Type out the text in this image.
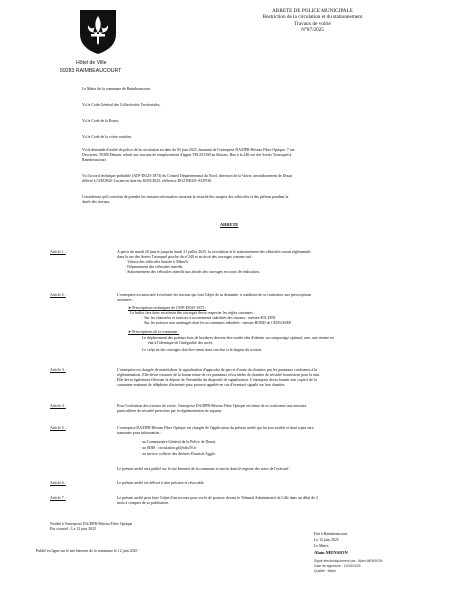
Hôtel de Ville
59283 RAIMBEAUCOURT
ARRETE DE POLICE MUNICIPALE
Restriction de la circulation et du stationnement
Travaux de voirie
N°87/2025
Le Maire de la commune de Raimbeaucourt
Vu le Code Général des Collectivités Territoriales,
Vu le Code de la Route,
Vu le Code de la voirie routière,
Vu la demande d'arrêté de police de la circulation en date du 03 juin 2025, émanant de l'entreprise DA/DPR-Réseau Fibre Optique, 7 rue
Descartes, 59300 Denain, relatif aux travaux de remplacement d'appui TELECOM au 6lutons, Rue à la 240 rue des Sorets Trousquel à
Raimbeaucourt.
Vu l'accord technique préalable (ATP-DO25-1873) du Conseil Départemental du Nord, direction de la Voirie, arrondissement de Douai
délivré à CHANGE Lucien en date du 30/05/2025, référence DO2T0025I-ACF910.
Considérant qu'il convient de prendre les mesures nécessaires assurant la sécurité des usagers des véhicules et des piétons pendant la
durée des travaux,
ARRETE
Article 1 :	A partir du mardi 20 juin et jusqu'au lundi 21 juillet 2025, la circulation et le stationnement des véhicules seront réglementés
dans la rue des Sorets Trousquel proche du n°240 et au droit des ouvrages comme suit :
· Vitesse des véhicules limitée à 30km/h,
· Dépassement des véhicules interdit,
· Stationnement des véhicules interdit aux abords des ouvrages en cours de réalisation.
Article 2 :	L'entreprise est autorisée à exécuter les travaux qui font l'objet de sa demande, à condition de se conformer aux prescriptions
suivantes :
➤ Prescriptions techniques de l'ATP-DO25-1873 :
Le brûlot fera donc en niveau des ouvrages devra respecter les règles suivantes :
· Sur les chaussées et trottoirs à accotements stabilisés des travaux : mesure KIL FINI
· Sur les trottoirs non aménagés dont les accotements enherbés : mesure BORD de CHAUSSEE
➤ Prescriptions de la commune :
Le déplacement des poteaux bois de bordures devront être traités afin d'obtenir un compactage optimal, avec une remise en
état à l'identique de l'intégralité des accès.
Le crépi en des ouvrages doit être remis dans son état si la largeur du trottoir.
Article 3 :	L'entreprise est chargée de matérialiser la signalisation d'approche de part et d'autre du chantier, par les panneaux conformes à la
réglementation. Elle devra s'assurer de la bonne tenue de ces panneaux et/ou tables de chantier de sécurité fournissent pour la nuit.
Elle devra également effectuer la dépose de l'ensemble du dispositif de signalisation. L'entreprise devra fournir une copie à de la
commune vraiment de téléphone d'astreinte pour pouvoir appelée en cas d'éventuel signalé sur leur chantier.
Article 4 :	Pour l'exécution des travaux de voirie, l'entreprise DA/DPR-Réseau Fibre Optique est tenue de se conformer aux mesures
particulières de sécurité prescrites par la réglementation en vigueur.
Article 5 :	L'entreprise DA/DPR-Réseau Fibre Optique est chargée de l'application du présent arrêté qui lui sera notifié et dont copie sera
transmise pour information :
· au Commissaire Général de la Police de Douai,
· au SDIS : circulation.gf@sdis59.fr
· au service collecte des déchets Douaisis Agglo.
Le présent arrêté sera publié sur le site Internet de la commune et inscrit dans le registre des actes de l'exécutif.
Article 6 :	Le présent arrêté est délivré à titre précaire et révocable.
Article 7 :	Le présent arrêté peut faire l'objet d'un recours pour excès de pouvoir devant le Tribunal Administratif de Lille dans un délai de 2
mois à compter de sa publication.
Notifié à l'entreprise DA/DPR-Réseau Fibre Optique
Par courriel : Le 12 juin 2025
Publié en ligne sur le site Internet de la commune le 12 juin 2025
Fait à Raimbeaucourt
Le 12 juin 2025
Le Maire,
Alain MENSION
Signé électroniquement par : Alain MENSION
Date de signature : 12/06/2025
Qualité : Maire
